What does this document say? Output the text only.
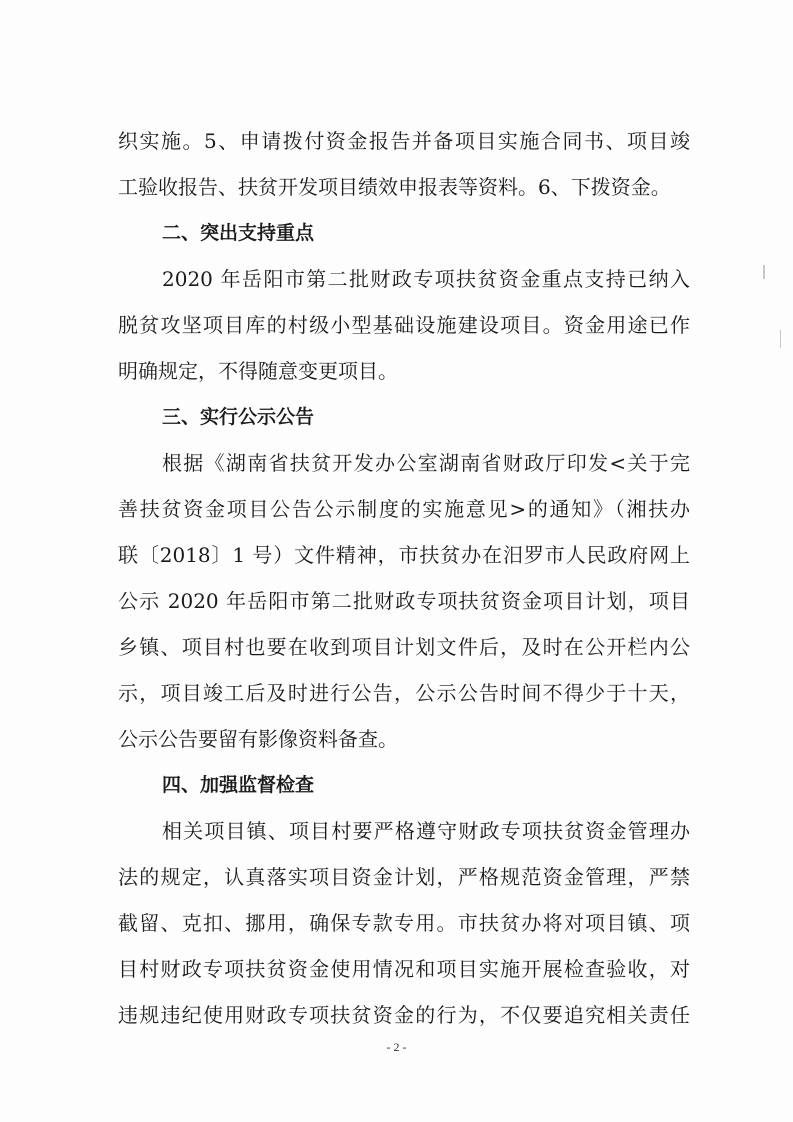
织实施。5、申请拨付资金报告并备项目实施合同书、项目竣
工验收报告、扶贫开发项目绩效申报表等资料。6、下拨资金。
二、突出支持重点
2020 年岳阳市第二批财政专项扶贫资金重点支持已纳入
脱贫攻坚项目库的村级小型基础设施建设项目。资金用途已作
明确规定，不得随意变更项目。
三、实行公示公告
根据《湖南省扶贫开发办公室湖南省财政厅印发<关于完
善扶贫资金项目公告公示制度的实施意见>的通知》（湘扶办
联〔2018〕1 号）文件精神，市扶贫办在汨罗市人民政府网上
公示 2020 年岳阳市第二批财政专项扶贫资金项目计划，项目
乡镇、项目村也要在收到项目计划文件后，及时在公开栏内公
示，项目竣工后及时进行公告，公示公告时间不得少于十天，
公示公告要留有影像资料备查。
四、加强监督检查
相关项目镇、项目村要严格遵守财政专项扶贫资金管理办
法的规定，认真落实项目资金计划，严格规范资金管理，严禁
截留、克扣、挪用，确保专款专用。市扶贫办将对项目镇、项
目村财政专项扶贫资金使用情况和项目实施开展检查验收，对
违规违纪使用财政专项扶贫资金的行为，不仅要追究相关责任
- 2 -
